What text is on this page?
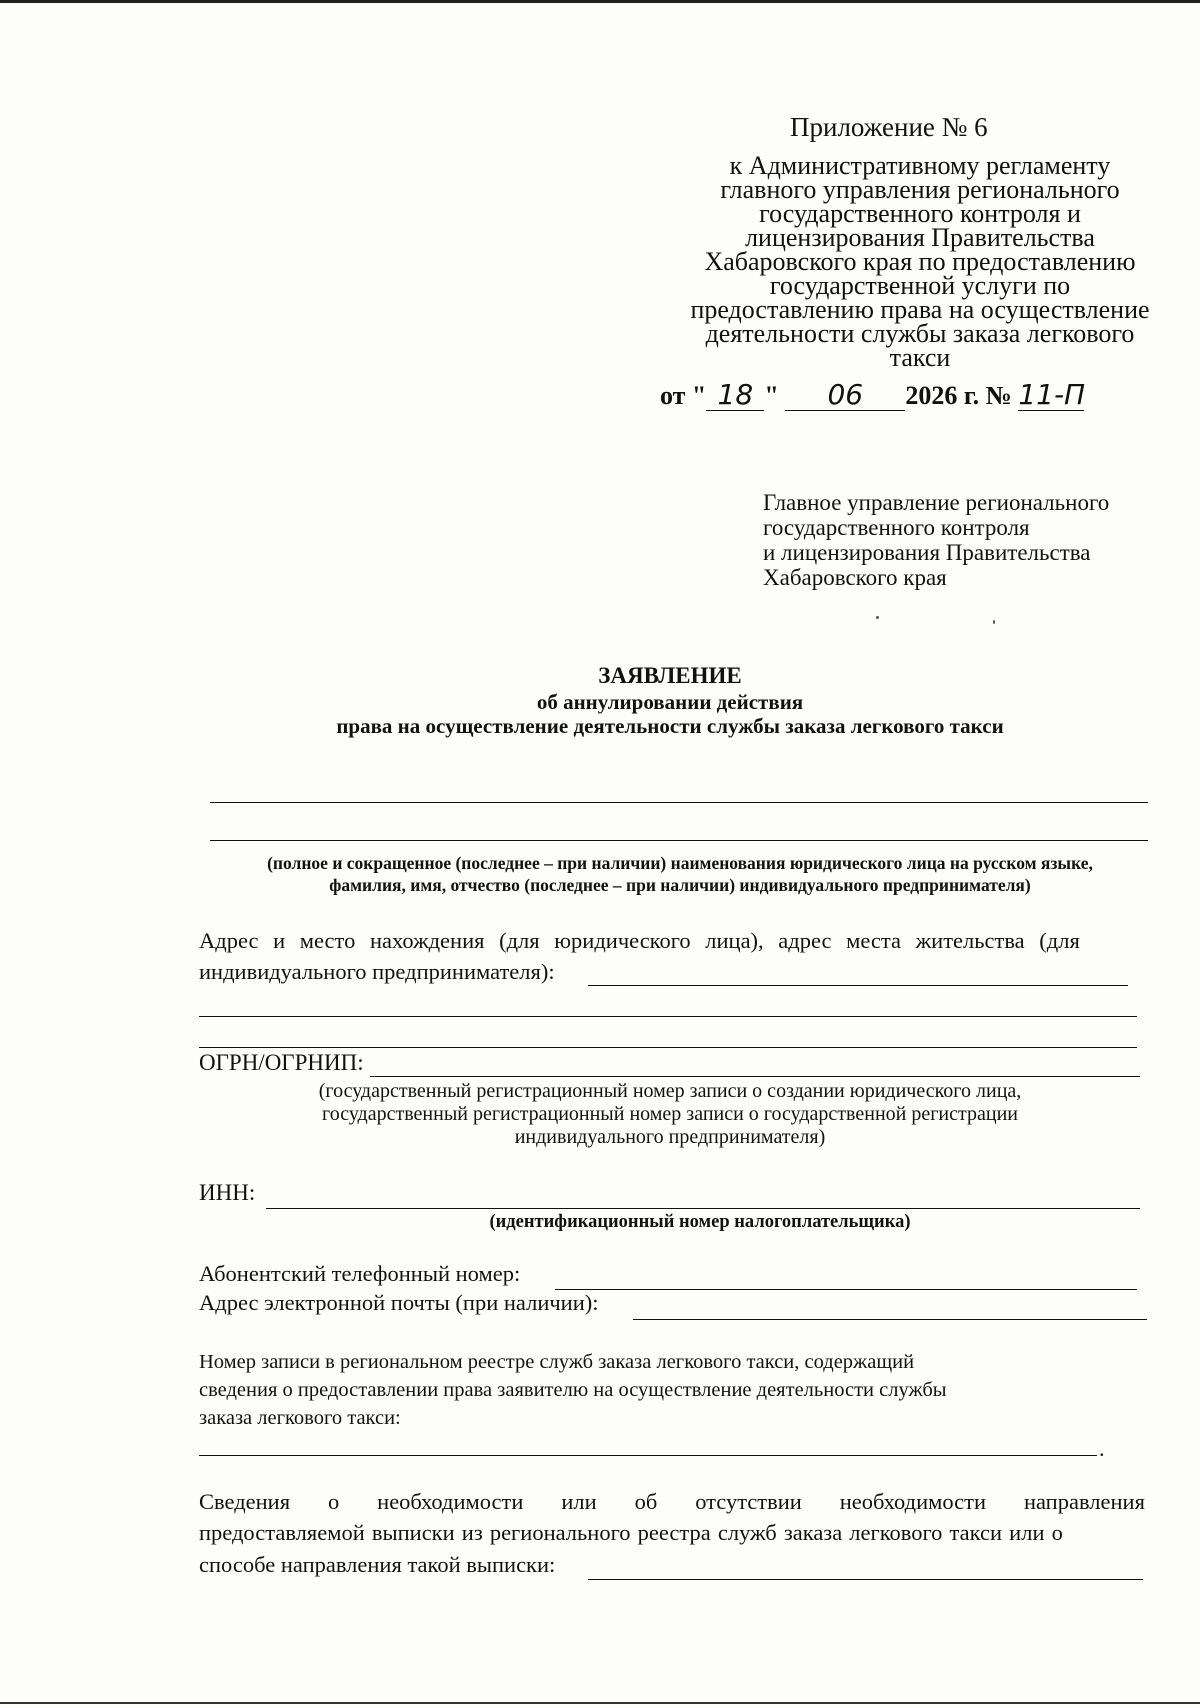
Приложение № 6
к Административному регламенту
главного управления регионального
государственного контроля и
лицензирования Правительства
Хабаровского края по предоставлению
государственной услуги по
предоставлению права на осуществление
деятельности службы заказа легкового
такси
от " 18 " 06 2026 г. № 11-П
Главное управление регионального
государственного контроля
и лицензирования Правительства
Хабаровского края
ЗАЯВЛЕНИЕ
об аннулировании действия
права на осуществление деятельности службы заказа легкового такси
(полное и сокращенное (последнее – при наличии) наименования юридического лица на русском языке,
фамилия, имя, отчество (последнее – при наличии) индивидуального предпринимателя)
Адрес и место нахождения (для юридического лица), адрес места жительства (для
индивидуального предпринимателя):
ОГРН/ОГРНИП:
(государственный регистрационный номер записи о создании юридического лица,
государственный регистрационный номер записи о государственной регистрации
индивидуального предпринимателя)
ИНН:
(идентификационный номер налогоплательщика)
Абонентский телефонный номер:
Адрес электронной почты (при наличии):
Номер записи в региональном реестре служб заказа легкового такси, содержащий
сведения о предоставлении права заявителю на осуществление деятельности службы
заказа легкового такси:
.
Сведения о необходимости или об отсутствии необходимости направления
предоставляемой выписки из регионального реестра служб заказа легкового такси или о
способе направления такой выписки:
